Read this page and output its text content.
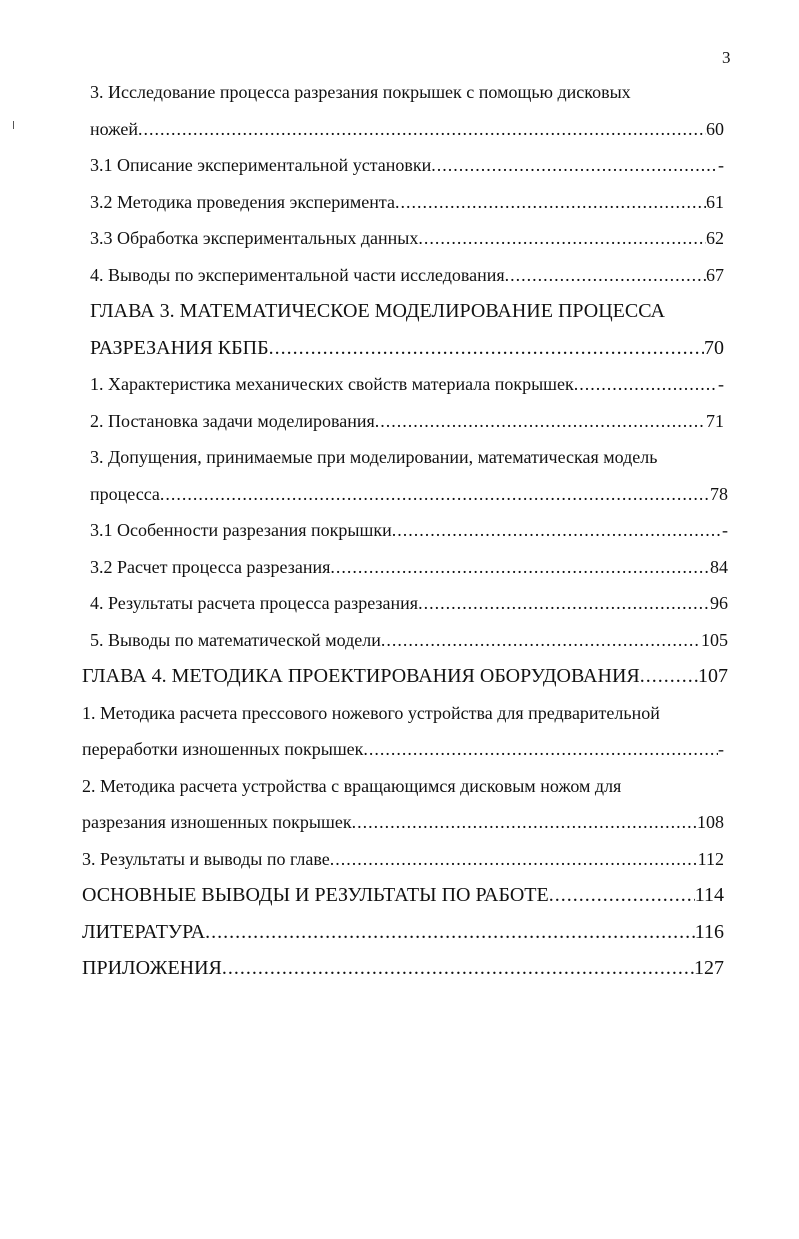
3
3. Исследование процесса разрезания покрышек с помощью дисковых
ножей .....	60
3.1 Описание экспериментальной установки .....	-
3.2 Методика проведения эксперимента .....	61
3.3 Обработка экспериментальных данных .....	62
4. Выводы по экспериментальной части исследования .....	67
ГЛАВА 3. МАТЕМАТИЧЕСКОЕ МОДЕЛИРОВАНИЕ ПРОЦЕССА
РАЗРЕЗАНИЯ КБПБ .....	70
1. Характеристика механических свойств материала покрышек .....	-
2. Постановка задачи моделирования .....	71
3. Допущения, принимаемые при моделировании, математическая модель
процесса .....	78
3.1 Особенности разрезания покрышки .....	-
3.2 Расчет процесса разрезания .....	84
4. Результаты расчета процесса разрезания .....	96
5. Выводы по математической модели .....	105
ГЛАВА 4. МЕТОДИКА ПРОЕКТИРОВАНИЯ ОБОРУДОВАНИЯ .....	107
1. Методика расчета прессового ножевого устройства для предварительной
переработки изношенных покрышек .....	-
2. Методика расчета устройства с вращающимся дисковым ножом для
разрезания изношенных покрышек .....	108
3. Результаты и выводы по главе .....	112
ОСНОВНЫЕ ВЫВОДЫ И РЕЗУЛЬТАТЫ ПО РАБОТЕ .....	114
ЛИТЕРАТУРА .....	116
ПРИЛОЖЕНИЯ .....	127
